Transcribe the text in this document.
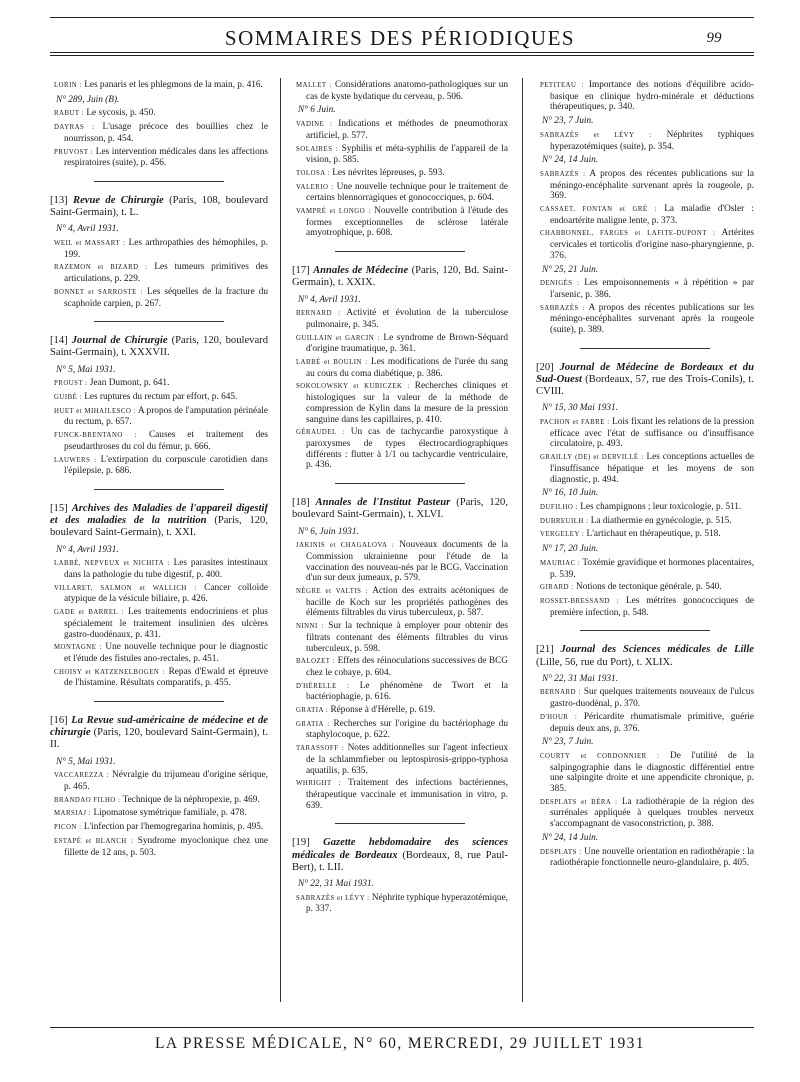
SOMMAIRES DES PÉRIODIQUES	99
LORIN : Les panaris et les phlegmons de la main, p. 416.
N° 289, Juin (B).
RABUT : Le sycosis, p. 450.
DAYRAS : L'usage précoce des bouillies chez le nourrisson, p. 454.
PRUVOST : Les intervention médicales dans les affections respiratoires (suite), p. 456.
[13] Revue de Chirurgie (Paris, 108, boulevard Saint-Germain), t. L.
N° 4, Avril 1931.
WEIL et MASSART : Les arthropathies des hémophiles, p. 199.
RAZEMON et BIZARD : Les tumeurs primitives des articulations, p. 229.
BONNET et SARROSTE : Les séquelles de la fracture du scaphoïde carpien, p. 267.
[14] Journal de Chirurgie (Paris, 120, boulevard Saint-Germain), t. XXXVII.
N° 5, Mai 1931.
PROUST : Jean Dumont, p. 641.
GUIBÉ : Les ruptures du rectum par effort, p. 645.
HUET et MIHAILESCO : A propos de l'amputation périnéale du rectum, p. 657.
FUNCK-BRENTANO : Causes et traitement des pseudarthroses du col du fémur, p. 666.
LAUWERS : L'extirpation du corpuscule carotidien dans l'épilepsie, p. 686.
[15] Archives des Maladies de l'appareil digestif et des maladies de la nutrition (Paris, 120, boulevard Saint-Germain), t. XXI.
N° 4, Avril 1931.
LABBÉ, NEPVEUX et NICHITA : Les parasites intestinaux dans la pathologie du tube digestif, p. 400.
VILLARET, SALMON et WALLICH : Cancer colloïde atypique de la vésicule biliaire, p. 426.
GADE et BARREL : Les traitements endocriniens et plus spécialement le traitement insulinien des ulcères gastro-duodénaux, p. 431.
MONTAGNE : Une nouvelle technique pour le diagnostic et l'étude des fistules ano-rectales, p. 451.
CHOISY et KATZENELBOGEN : Repas d'Ewald et épreuve de l'histamine. Résultats comparatifs, p. 455.
[16] La Revue sud-américaine de médecine et de chirurgie (Paris, 120, boulevard Saint-Germain), t. II.
N° 5, Mai 1931.
VACCAREZZA : Névralgie du trijumeau d'origine sérique, p. 465.
BRANDAO FILHO : Technique de la néphropexie, p. 469.
MARSIAJ : Lipomatose symétrique familiale, p. 478.
PICON : L'infection par l'hemogregarina hominis, p. 495.
ESTAPÉ et BLANCH : Syndrome myoclonique chez une fillette de 12 ans, p. 503.
MALLET : Considérations anatomo-pathologiques sur un cas de kyste hydatique du cerveau, p. 506.
N° 6 Juin.
VADINE : Indications et méthodes de pneumothorax artificiel, p. 577.
SOLAIRES : Syphilis et méta-syphilis de l'appareil de la vision, p. 585.
TOLOSA : Les névrites lépreuses, p. 593.
VALERIO : Une nouvelle technique pour le traitement de certains blennorragiques et gonococciques, p. 604.
VAMPRÉ et LONGO : Nouvelle contribution à l'étude des formes exceptionnelles de sclérose latérale amyotrophique, p. 608.
[17] Annales de Médecine (Paris, 120, Bd. Saint-Germain), t. XXIX.
N° 4, Avril 1931.
BERNARD : Activité et évolution de la tuberculose pulmonaire, p. 345.
GUILLAIN et GARCIN : Le syndrome de Brown-Séquard d'origine traumatique, p. 361.
LABBÉ et BOULIN : Les modifications de l'urée du sang au cours du coma diabétique, p. 386.
SOKOLOWSKY et KUBICZEK : Recherches cliniques et histologiques sur la valeur de la méthode de compression de Kylin dans la mesure de la pression sanguine dans les capillaires, p. 410.
GÉRAUDEL : Un cas de tachycardie paroxystique à paroxysmes de types électrocardiographiques différents : flutter à 1/1 ou tachycardie ventriculaire, p. 436.
[18] Annales de l'Institut Pasteur (Paris, 120, boulevard Saint-Germain), t. XLVI.
N° 6, Juin 1931.
JAKINIS et CHAGALOVA : Nouveaux documents de la Commission ukrainienne pour l'étude de la vaccination des nouveau-nés par le BCG. Vaccination d'un sur deux jumeaux, p. 579.
NÈGRE et VALTIS : Action des extraits acétoniques de bacille de Koch sur les propriétés pathogènes des éléments filtrables du virus tuberculeux, p. 587.
NINNI : Sur la technique à employer pour obtenir des filtrats contenant des éléments filtrables du virus tuberculeux, p. 598.
BALOZET : Effets des réinoculations successives de BCG chez le cobaye, p. 604.
D'HÉRELLE : Le phénomène de Twort et la bactériophagie, p. 616.
GRATIA : Réponse à d'Hérelle, p. 619.
GRATIA : Recherches sur l'origine du bactériophage du staphylocoque, p. 622.
TARASSOFF : Notes additionnelles sur l'agent infectieux de la schlammfieber ou leptospirosis-grippo-typhosa aquatilis, p. 635.
WHRIGHT : Traitement des infections bactériennes, thérapeutique vaccinale et immunisation in vitro, p. 639.
[19] Gazette hebdomadaire des sciences médicales de Bordeaux (Bordeaux, 8, rue Paul-Bert), t. LII.
N° 22, 31 Mai 1931.
SABRAZÈS et LÉVY : Néphrite typhique hyperazotémique, p. 337.
PETITEAU : Importance des notions d'équilibre acido-basique en clinique hydro-minérale et déductions thérapeutiques, p. 340.
N° 23, 7 Juin.
SABRAZÈS et LÉVY : Néphrites typhiques hyperazotémiques (suite), p. 354.
N° 24, 14 Juin.
SABRAZÈS : A propos des récentes publications sur la méningo-encéphalite survenant après la rougeole, p. 369.
CASSAET, FONTAN et GRÉ : La maladie d'Osler : endoartérite maligne lente, p. 373.
CHABBONNEL, FARGES et LAFITE-DUPONT : Artérites cervicales et torticolis d'origine naso-pharyngienne, p. 376.
N° 25, 21 Juin.
DENIGÈS : Les empoisonnements « à répétition » par l'arsenic, p. 386.
SABRAZÈS : A propos des récentes publications sur les méningo-encéphalites survenant après la rougeole (suite), p. 389.
[20] Journal de Médecine de Bordeaux et du Sud-Ouest (Bordeaux, 57, rue des Trois-Conils), t. CVIII.
N° 15, 30 Mai 1931.
PACHON et FABRE : Lois fixant les relations de la pression efficace avec l'état de suffisance ou d'insuffisance circulatoire, p. 493.
GRAILLY (DE) et DERVILLÉ : Les conceptions actuelles de l'insuffisance hépatique et les moyens de son diagnostic, p. 494.
N° 16, 10 Juin.
DUFILHO : Les champignons ; leur toxicologie, p. 511.
DUBREUILH : La diathermie en gynécologie, p. 515.
VERGELEY : L'artichaut en thérapeutique, p. 518.
N° 17, 20 Juin.
MAURIAC : Toxémie gravidique et hormones placentaires, p. 539.
GIRARD : Notions de tectonique générale, p. 540.
ROSSET-BRESSAND : Les métrites gonococciques de première infection, p. 548.
[21] Journal des Sciences médicales de Lille (Lille, 56, rue du Port), t. XLIX.
N° 22, 31 Mai 1931.
BERNARD : Sur quelques traitements nouveaux de l'ulcus gastro-duodénal, p. 370.
D'HOUR : Péricardite rhumatismale primitive, guérie depuis deux ans, p. 376.
N° 23, 7 Juin.
COURTY et CORDONNIER : De l'utilité de la salpingographie dans le diagnostic différentiel entre une salpingite droite et une appendicite chronique, p. 385.
DESPLATS et BÉRA : La radiothérapie de la région des surrénales appliquée à quelques troubles nerveux s'accompagnant de vasoconstriction, p. 388.
N° 24, 14 Juin.
DESPLATS : Une nouvelle orientation en radiothérapie : la radiothérapie fonctionnelle neuro-glandulaire, p. 405.
LA PRESSE MÉDICALE, N° 60, MERCREDI, 29 JUILLET 1931
